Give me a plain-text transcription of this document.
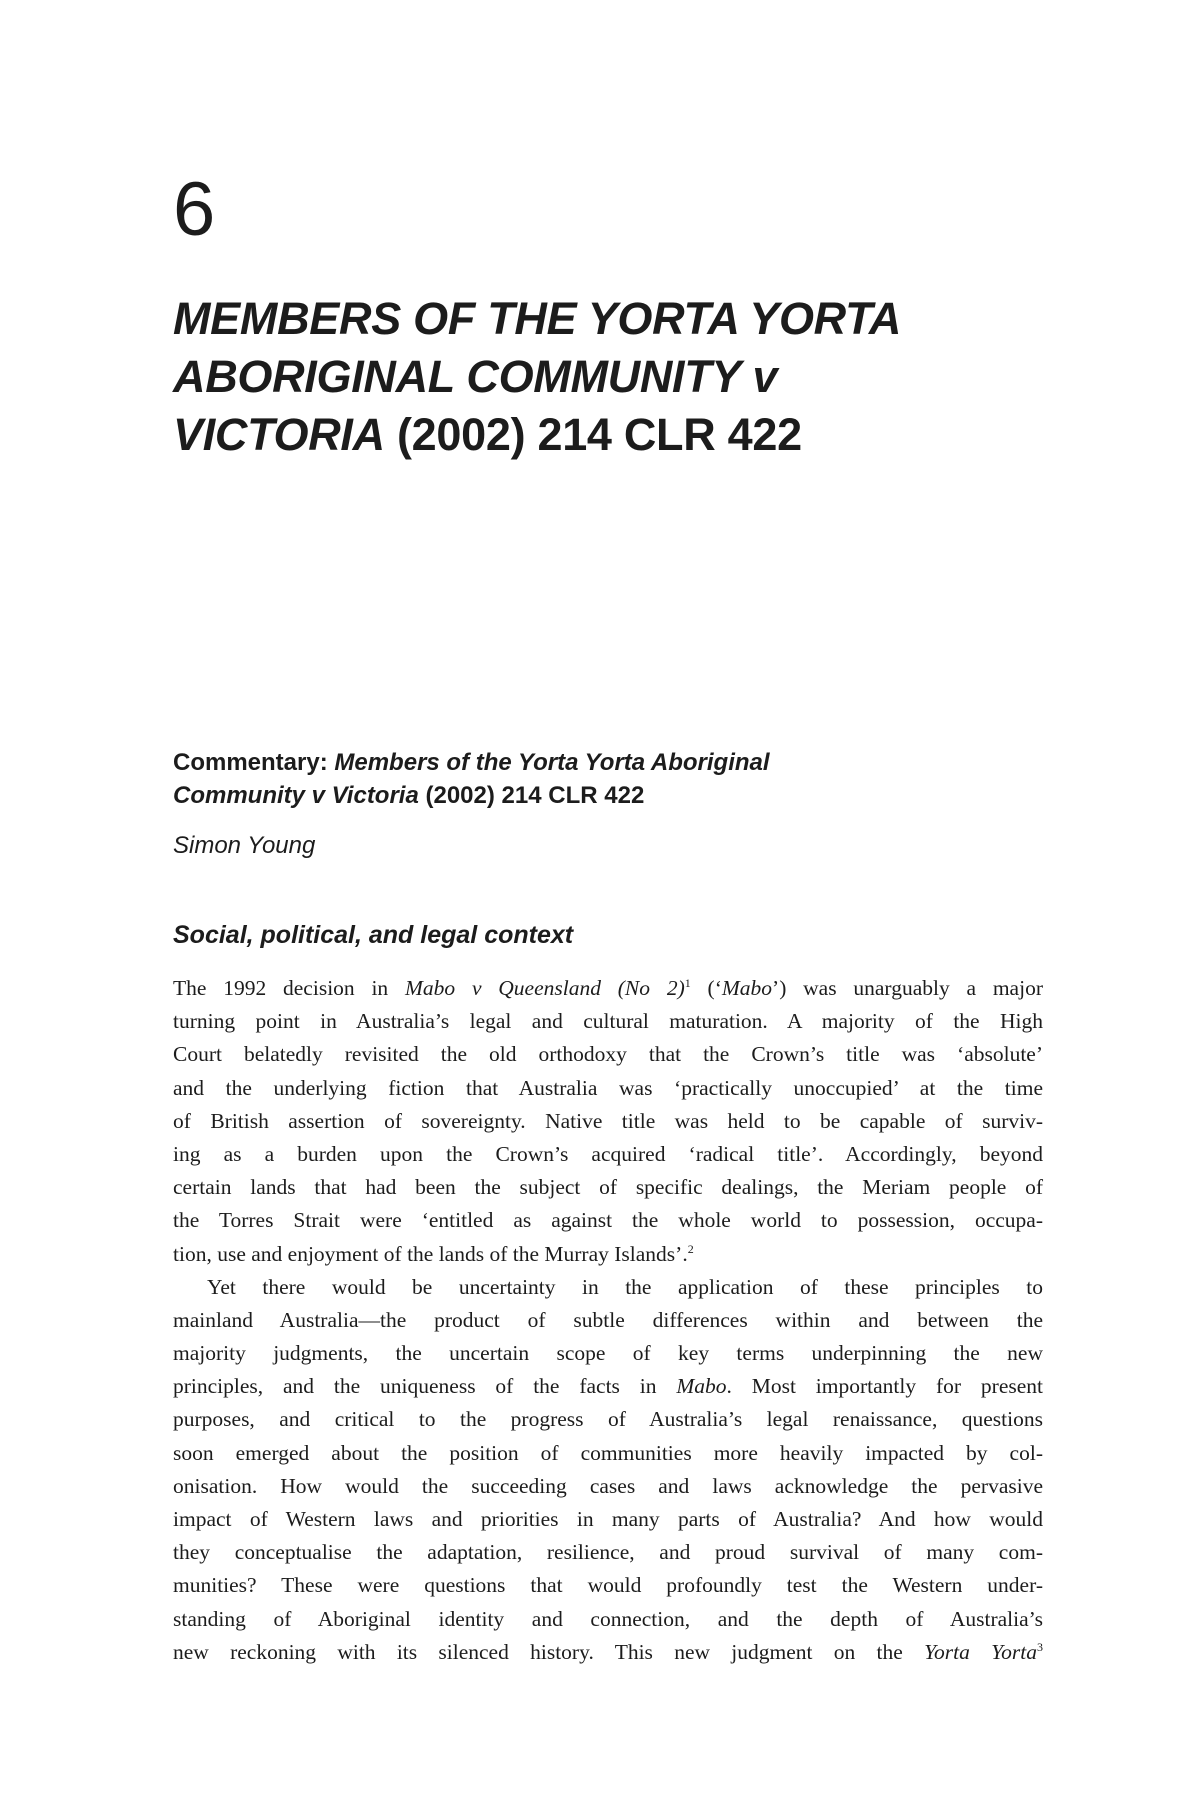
6
MEMBERS OF THE YORTA YORTA
ABORIGINAL COMMUNITY v
VICTORIA (2002) 214 CLR 422
Commentary: Members of the Yorta Yorta Aboriginal
Community v Victoria (2002) 214 CLR 422
Simon Young
Social, political, and legal context
The 1992 decision in Mabo v Queensland (No 2)$^1$ (‘Mabo’) was unarguably a major
turning point in Australia’s legal and cultural maturation. A majority of the High
Court belatedly revisited the old orthodoxy that the Crown’s title was ‘absolute’
and the underlying fiction that Australia was ‘practically unoccupied’ at the time
of British assertion of sovereignty. Native title was held to be capable of surviv-
ing as a burden upon the Crown’s acquired ‘radical title’. Accordingly, beyond
certain lands that had been the subject of specific dealings, the Meriam people of
the Torres Strait were ‘entitled as against the whole world to possession, occupa-
tion, use and enjoyment of the lands of the Murray Islands’.$^2$
Yet there would be uncertainty in the application of these principles to
mainland Australia—the product of subtle differences within and between the
majority judgments, the uncertain scope of key terms underpinning the new
principles, and the uniqueness of the facts in Mabo. Most importantly for present
purposes, and critical to the progress of Australia’s legal renaissance, questions
soon emerged about the position of communities more heavily impacted by col-
onisation. How would the succeeding cases and laws acknowledge the pervasive
impact of Western laws and priorities in many parts of Australia? And how would
they conceptualise the adaptation, resilience, and proud survival of many com-
munities? These were questions that would profoundly test the Western under-
standing of Aboriginal identity and connection, and the depth of Australia’s
new reckoning with its silenced history. This new judgment on the Yorta Yorta$^3$
